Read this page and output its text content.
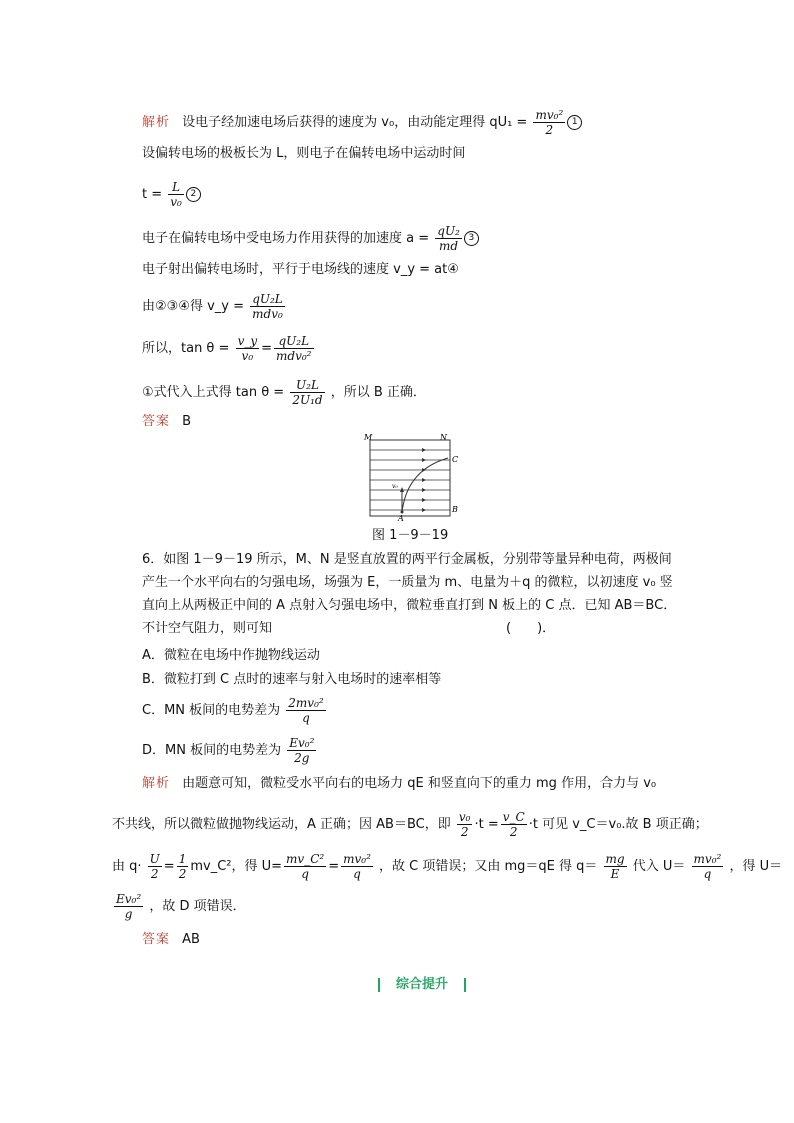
解析 设电子经加速电场后获得的速度为 v₀，由动能定理得 $qU_1 = \frac{\text{mv₀²}}{2} 1$
设偏转电场的极板长为 L，则电子在偏转电场中运动时间
$t = \frac{L}{\text{v₀}} 2$
电子在偏转电场中受电场力作用获得的加速度 $a = \frac{\text{qU₂}}{md} 3$
电子射出偏转电场时，平行于电场线的速度 v_y = at④
由②③④得 v_y = $\frac{\text{qU₂L}}{\text{mdv₀}}$
所以，$\tan \theta = \frac{v\_y}{\text{v₀}} = \frac{\text{qU₂L}}{\text{mdv₀²}}$
①式代入上式得 $\tan \theta = \frac{\text{U₂L}}{\text{2U₁d}}$ ，所以 B 正确．
答案 B
M	N
C
v₀
A
B
图 1－9－19
6．如图 1－9－19 所示，M、N 是竖直放置的两平行金属板，分别带等量异种电荷，两极间产生一个水平向右的匀强电场，场强为 E，一质量为 m、电量为＋q 的微粒，以初速度 v₀ 竖直向上从两极正中间的 A 点射入匀强电场中，微粒垂直打到 N 板上的 C 点．已知 AB＝BC．不计空气阻力，则可知　　　　　　　　　　　　　　　　　　(　　)．
A．微粒在电场中作抛物线运动
B．微粒打到 C 点时的速率与射入电场时的速率相等
C．MN 板间的电势差为 $\frac{\text{2mv₀²}}{q}$
D．MN 板间的电势差为 $\frac{\text{Ev₀²}}{2g}$
解析 由题意可知，微粒受水平向右的电场力 qE 和竖直向下的重力 mg 作用，合力与 v₀
不共线，所以微粒做抛物线运动，A 正确；因 AB＝BC，即 $\frac{\text{v₀}}{2} \cdot t = \frac{v\_C}{2} \cdot t$ 可见 v_C＝v₀.故 B 项正确；
由 $q\cdot \frac{U}{2} = \frac{1}{2}$ mv_C²，得 $U= \frac{\text{mv\_C²}}{q} = \frac{\text{mv₀²}}{q}$ ，故 C 项错误；又由 mg＝qE 得 $q= \frac{mg}{E}$ 代入 $U= \frac{\text{mv₀²}}{q}$ ，得 U＝
$\frac{\text{Ev₀²}}{g}$ ，故 D 项错误．
答案 AB
综合提升
